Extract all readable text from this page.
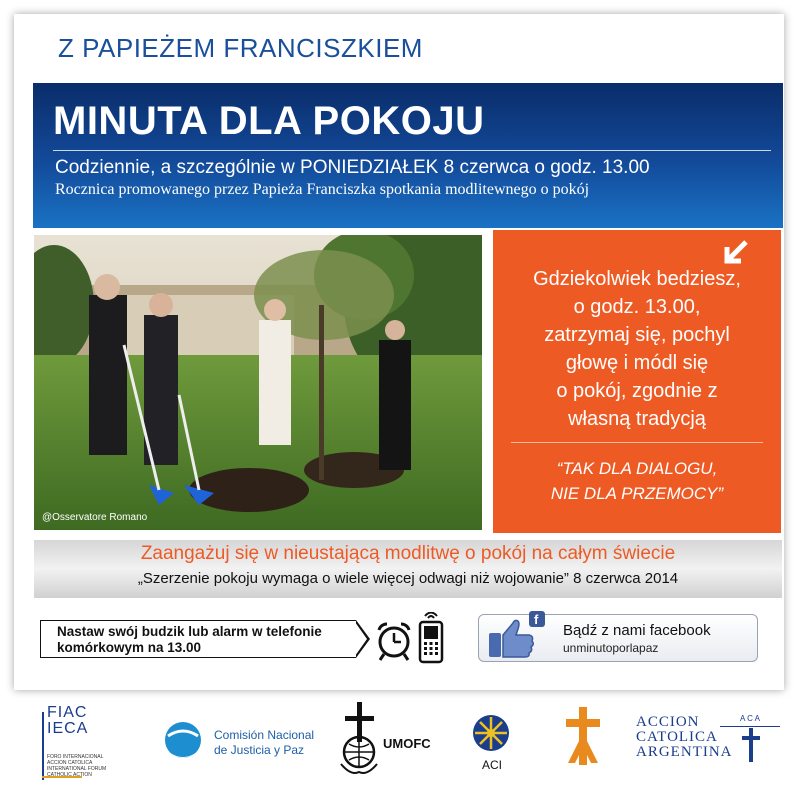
Z PAPIEŻEM FRANCISZKIEM
MINUTA DLA POKOJU
Codziennie, a szczególnie w PONIEDZIAŁEK 8 czerwca o godz. 13.00
Rocznica promowanego przez Papieża Franciszka spotkania modlitewnego o pokój
@Osservatore Romano
Gdziekolwiek bedziesz,
o godz. 13.00,
zatrzymaj się, pochyl
głowę i módl się
o pokój, zgodnie z
własną tradycją
“TAK DLA DIALOGU,
NIE DLA PRZEMOCY”
Zaangażuj się w nieustającą modlitwę o pokój na całym świecie
„Szerzenie pokoju wymaga o wiele więcej odwagi niż wojowanie” 8 czerwca 2014
Nastaw swój budzik lub alarm w telefonie
komórkowym na 13.00
f
Bądź z nami facebook
unminutoporlapaz
CATHOLIC ACTION
INTERNATIONAL FORUM
ACCION CATOLICA
FORO INTERNACIONAL
FIAC
IECA	Comisión Nacional
de Justicia y Paz	UMOFC
ACI
ACCION
CATOLICA
ARGENTINA
A C A
